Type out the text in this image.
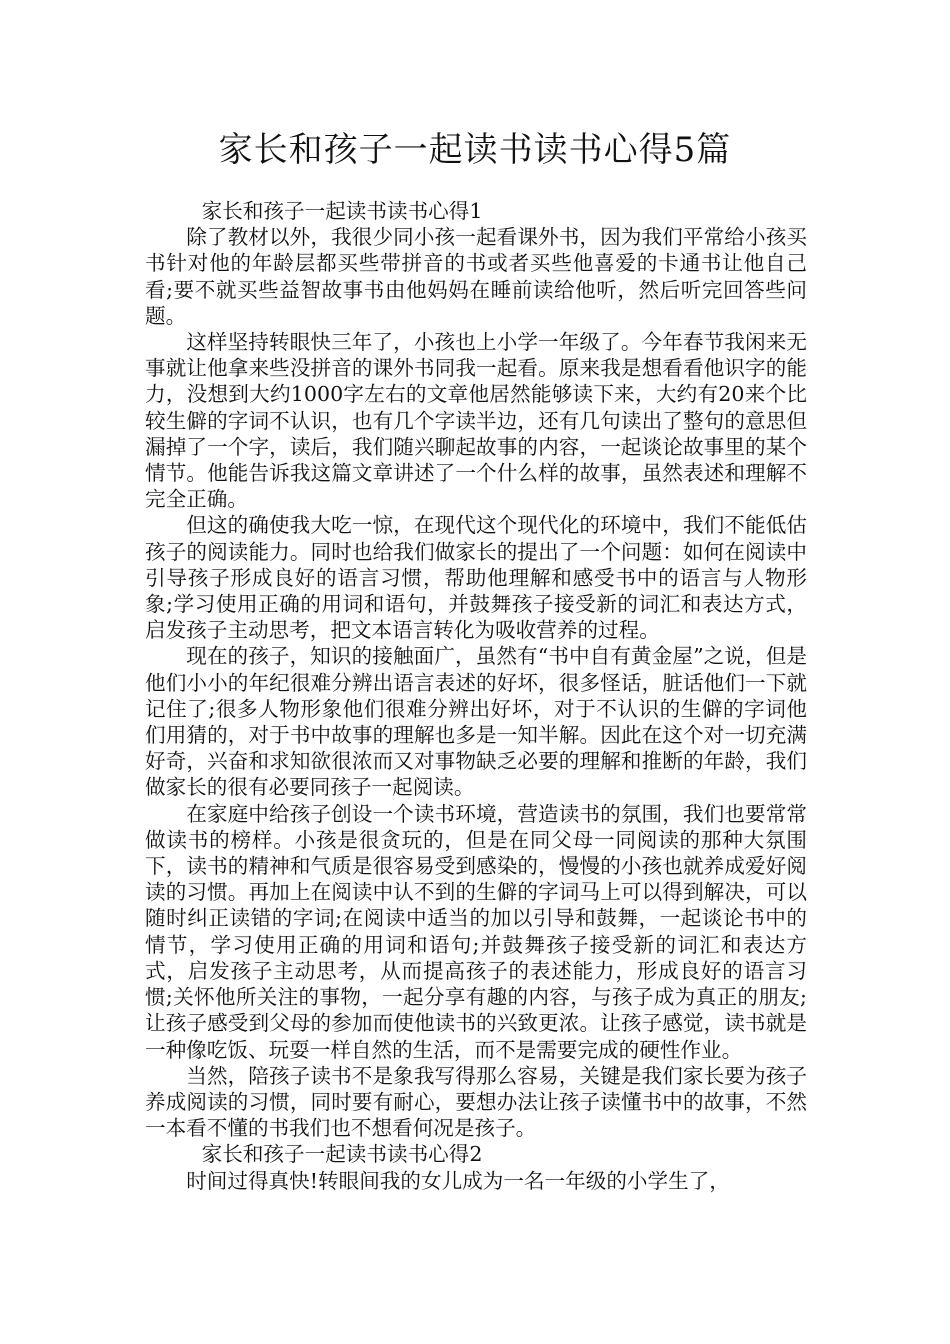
家长和孩子一起读书读书心得5篇

家长和孩子一起读书读书心得1

除了教材以外，我很少同小孩一起看课外书，因为我们平常给小孩买书针对他的年龄层都买些带拼音的书或者买些他喜爱的卡通书让他自己看;要不就买些益智故事书由他妈妈在睡前读给他听，然后听完回答些问题。

这样坚持转眼快三年了，小孩也上小学一年级了。今年春节我闲来无事就让他拿来些没拼音的课外书同我一起看。原来我是想看看他识字的能力，没想到大约1000字左右的文章他居然能够读下来，大约有20来个比较生僻的字词不认识，也有几个字读半边，还有几句读出了整句的意思但漏掉了一个字，读后，我们随兴聊起故事的内容，一起谈论故事里的某个情节。他能告诉我这篇文章讲述了一个什么样的故事，虽然表述和理解不完全正确。

但这的确使我大吃一惊，在现代这个现代化的环境中，我们不能低估孩子的阅读能力。同时也给我们做家长的提出了一个问题：如何在阅读中引导孩子形成良好的语言习惯，帮助他理解和感受书中的语言与人物形象;学习使用正确的用词和语句，并鼓舞孩子接受新的词汇和表达方式，启发孩子主动思考，把文本语言转化为吸收营养的过程。

现在的孩子，知识的接触面广，虽然有“书中自有黄金屋”之说，但是他们小小的年纪很难分辨出语言表述的好坏，很多怪话，脏话他们一下就记住了;很多人物形象他们很难分辨出好坏，对于不认识的生僻的字词他们用猜的，对于书中故事的理解也多是一知半解。因此在这个对一切充满好奇，兴奋和求知欲很浓而又对事物缺乏必要的理解和推断的年龄，我们做家长的很有必要同孩子一起阅读。

在家庭中给孩子创设一个读书环境，营造读书的氛围，我们也要常常做读书的榜样。小孩是很贪玩的，但是在同父母一同阅读的那种大氛围下，读书的精神和气质是很容易受到感染的，慢慢的小孩也就养成爱好阅读的习惯。再加上在阅读中认不到的生僻的字词马上可以得到解决，可以随时纠正读错的字词;在阅读中适当的加以引导和鼓舞，一起谈论书中的情节，学习使用正确的用词和语句;并鼓舞孩子接受新的词汇和表达方式，启发孩子主动思考，从而提高孩子的表述能力，形成良好的语言习惯;关怀他所关注的事物，一起分享有趣的内容，与孩子成为真正的朋友;让孩子感受到父母的参加而使他读书的兴致更浓。让孩子感觉，读书就是一种像吃饭、玩耍一样自然的生活，而不是需要完成的硬性作业。

当然，陪孩子读书不是象我写得那么容易，关键是我们家长要为孩子养成阅读的习惯，同时要有耐心，要想办法让孩子读懂书中的故事，不然一本看不懂的书我们也不想看何况是孩子。

家长和孩子一起读书读书心得2

时间过得真快!转眼间我的女儿成为一名一年级的小学生了，
